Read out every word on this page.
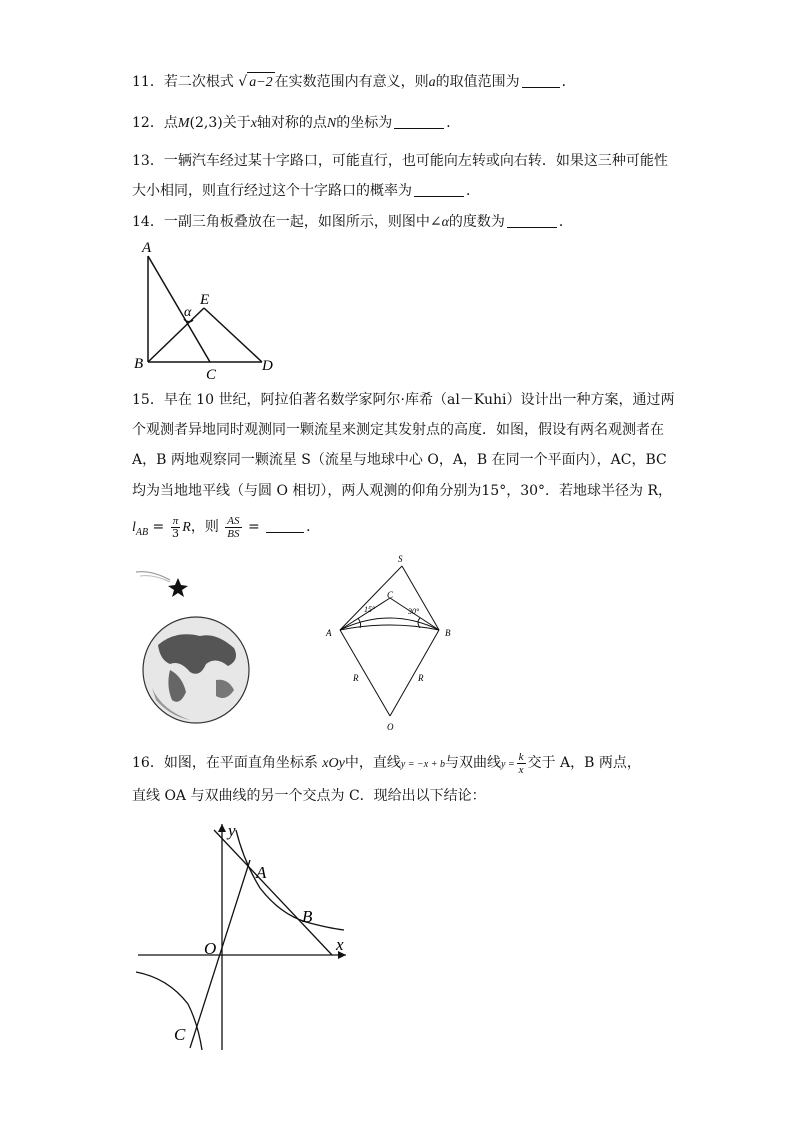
11．若二次根式 √ a−2 在实数范围内有意义，则a的取值范围为	．
12．点M(2,3)关于x轴对称的点N的坐标为	．
13．一辆汽车经过某十字路口，可能直行，也可能向左转或向右转．如果这三种可能性
大小相同，则直行经过这个十字路口的概率为	．
14．一副三角板叠放在一起，如图所示，则图中∠α的度数为	．
A
B
C
D
E
α
15．早在 10 世纪，阿拉伯著名数学家阿尔·库希（al－Kuhi）设计出一种方案，通过两
个观测者异地同时观测同一颗流星来测定其发射点的高度．如图，假设有两名观测者在
A，B 两地观察同一颗流星 S（流星与地球中心 O，A，B 在同一个平面内），AC，BC
均为当地地平线（与圆 O 相切），两人观测的仰角分别为15°，30°．若地球半径为 R，
$l_{AB} = \frac{\pi}{3}$ R，则 $\frac{AS}{BS}$ =	．
S
C
A	B
O
R	R
15°	30°
16．如图，在平面直角坐标系 xOy中，直线y = −x + b与双曲线$y = \frac{k}{x}$ 交于 A，B 两点，
直线 OA 与双曲线的另一个交点为 C．现给出以下结论：
y
x
O
A
B
C
